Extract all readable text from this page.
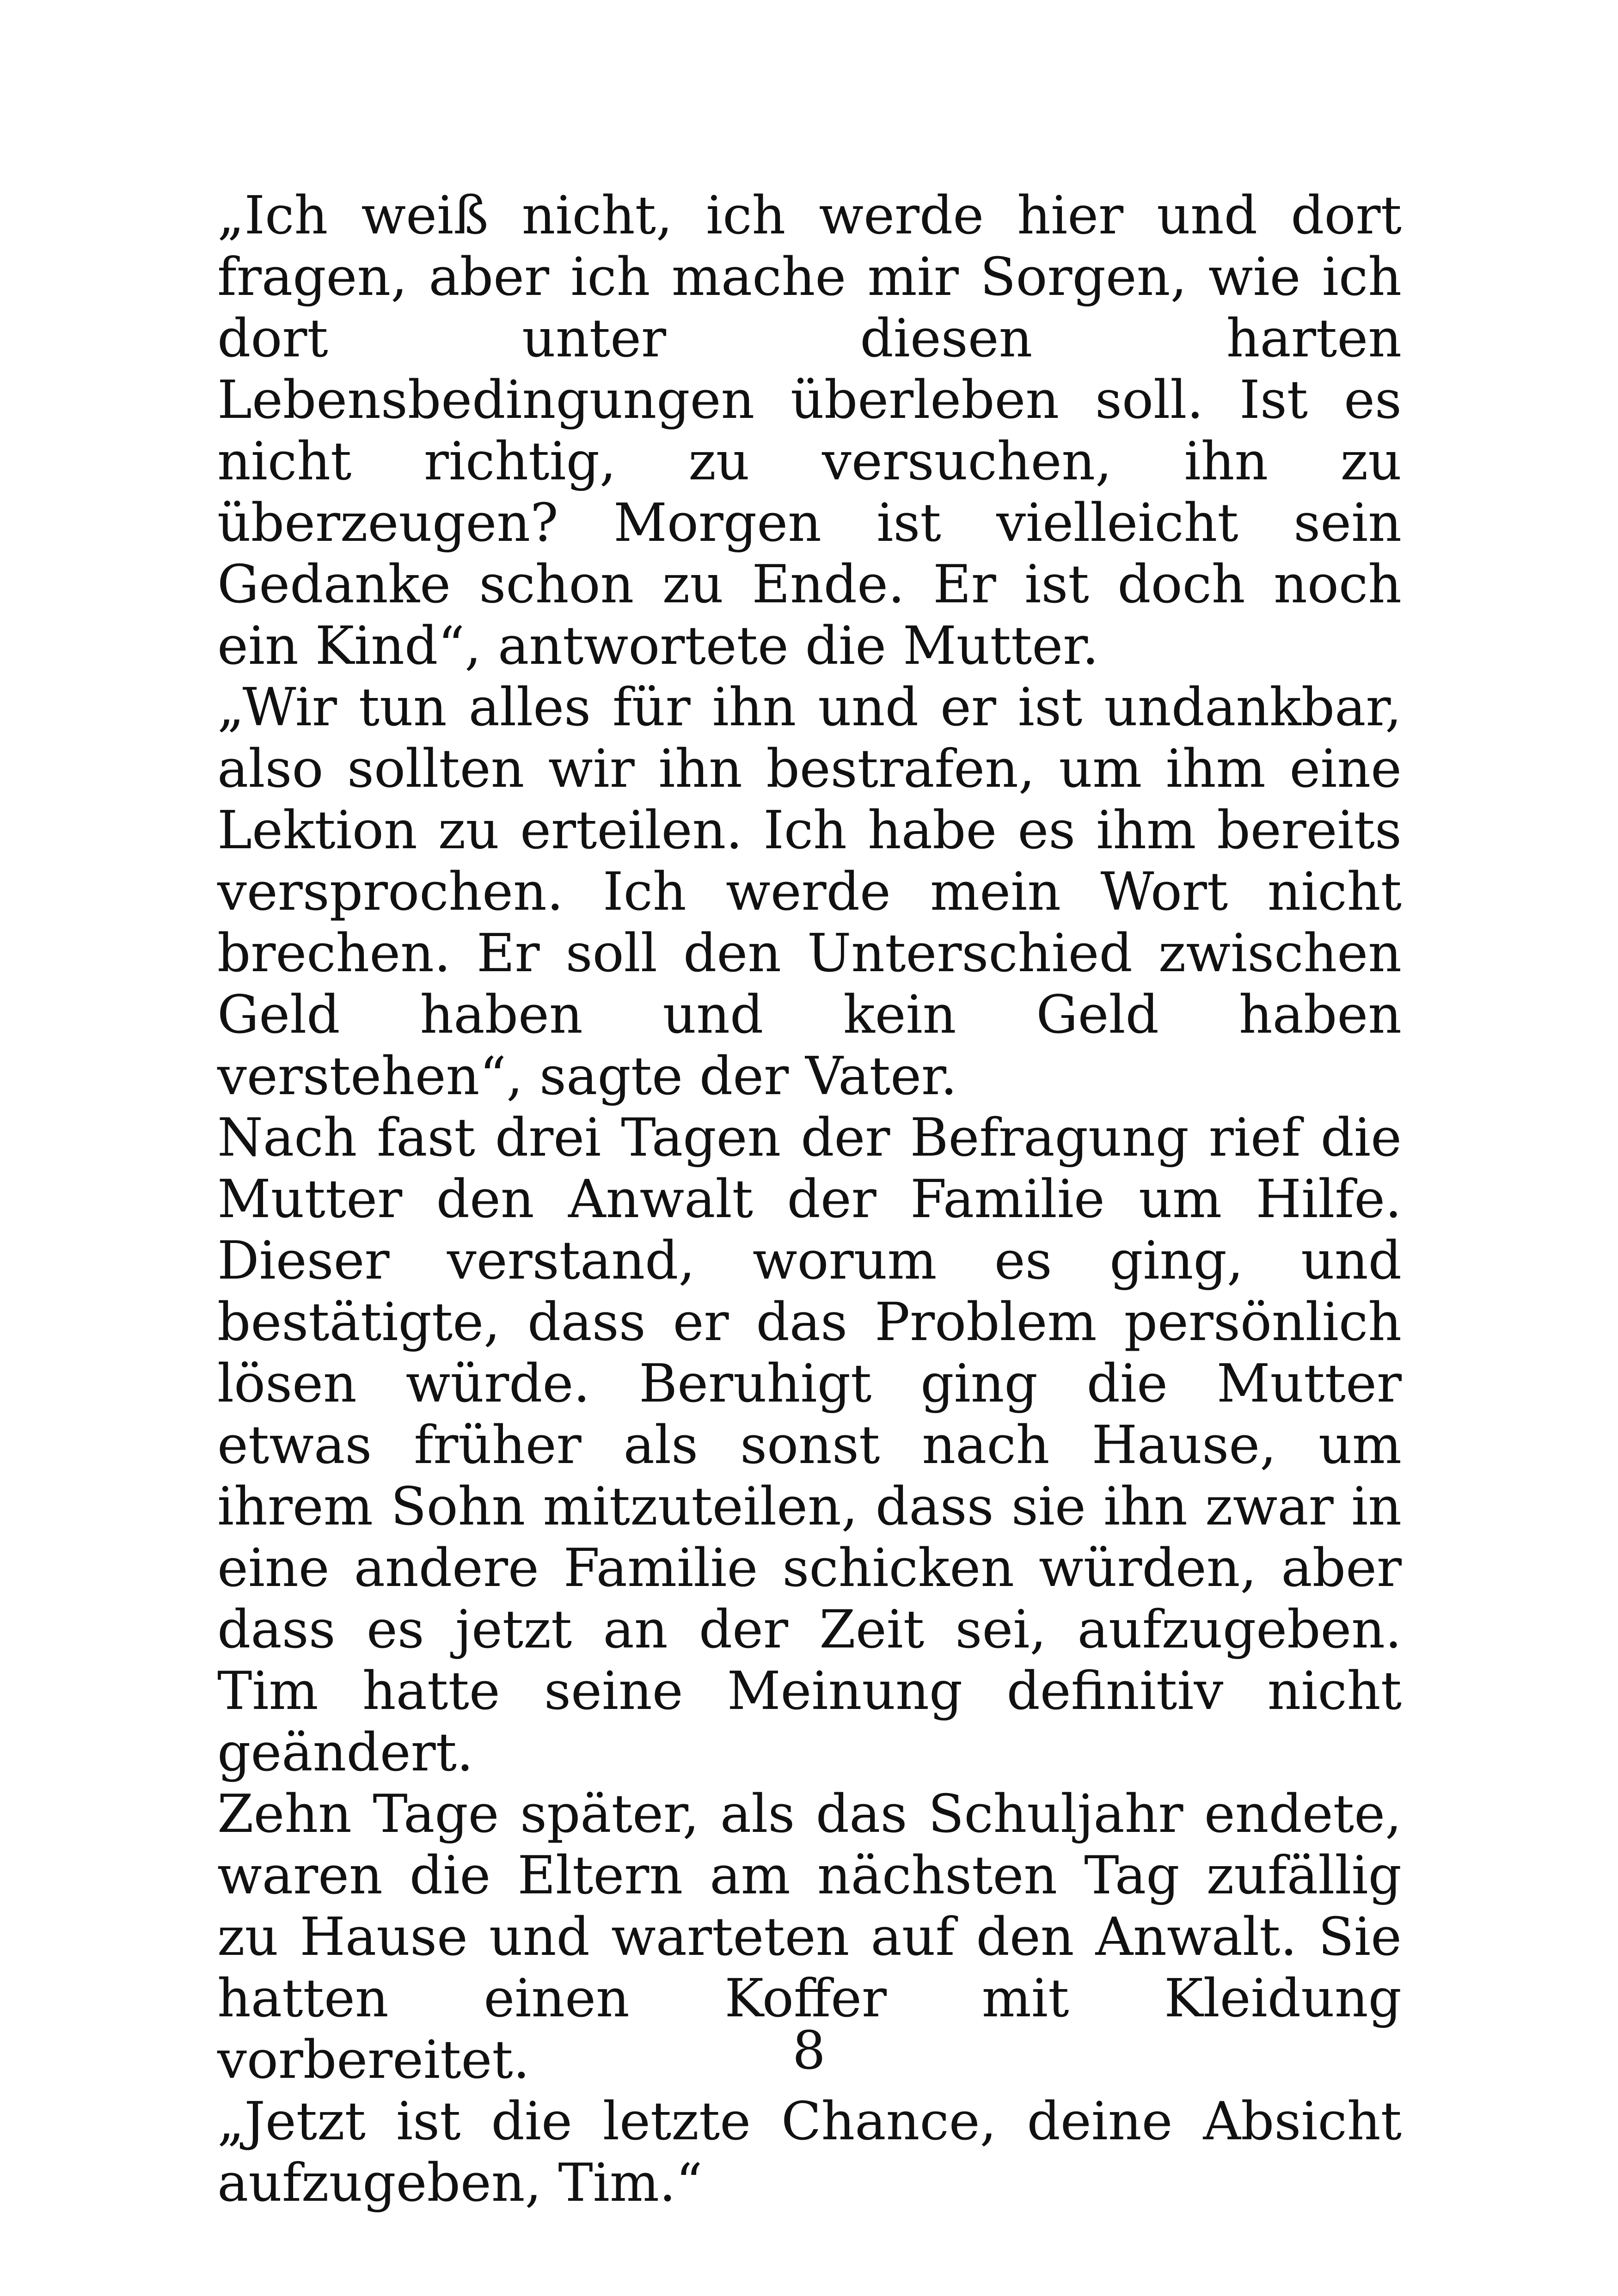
„Ich weiß nicht, ich werde hier und dort fragen, aber ich mache mir Sorgen, wie ich dort unter diesen harten Lebensbedingungen überleben soll. Ist es nicht richtig, zu versuchen, ihn zu überzeugen? Morgen ist vielleicht sein Gedanke schon zu Ende. Er ist doch noch ein Kind“, antwortete die Mutter.

„Wir tun alles für ihn und er ist undankbar, also sollten wir ihn bestrafen, um ihm eine Lektion zu erteilen. Ich habe es ihm bereits versprochen. Ich werde mein Wort nicht brechen. Er soll den Unterschied zwischen Geld haben und kein Geld haben verstehen“, sagte der Vater.

Nach fast drei Tagen der Befragung rief die Mutter den Anwalt der Familie um Hilfe. Dieser verstand, worum es ging, und bestätigte, dass er das Problem persönlich lösen würde. Beruhigt ging die Mutter etwas früher als sonst nach Hause, um ihrem Sohn mitzuteilen, dass sie ihn zwar in eine andere Familie schicken würden, aber dass es jetzt an der Zeit sei, aufzugeben. Tim hatte seine Meinung definitiv nicht geändert.

Zehn Tage später, als das Schuljahr endete, waren die Eltern am nächsten Tag zufällig zu Hause und warteten auf den Anwalt. Sie hatten einen Koffer mit Kleidung vorbereitet.

„Jetzt ist die letzte Chance, deine Absicht aufzugeben, Tim.“

8
